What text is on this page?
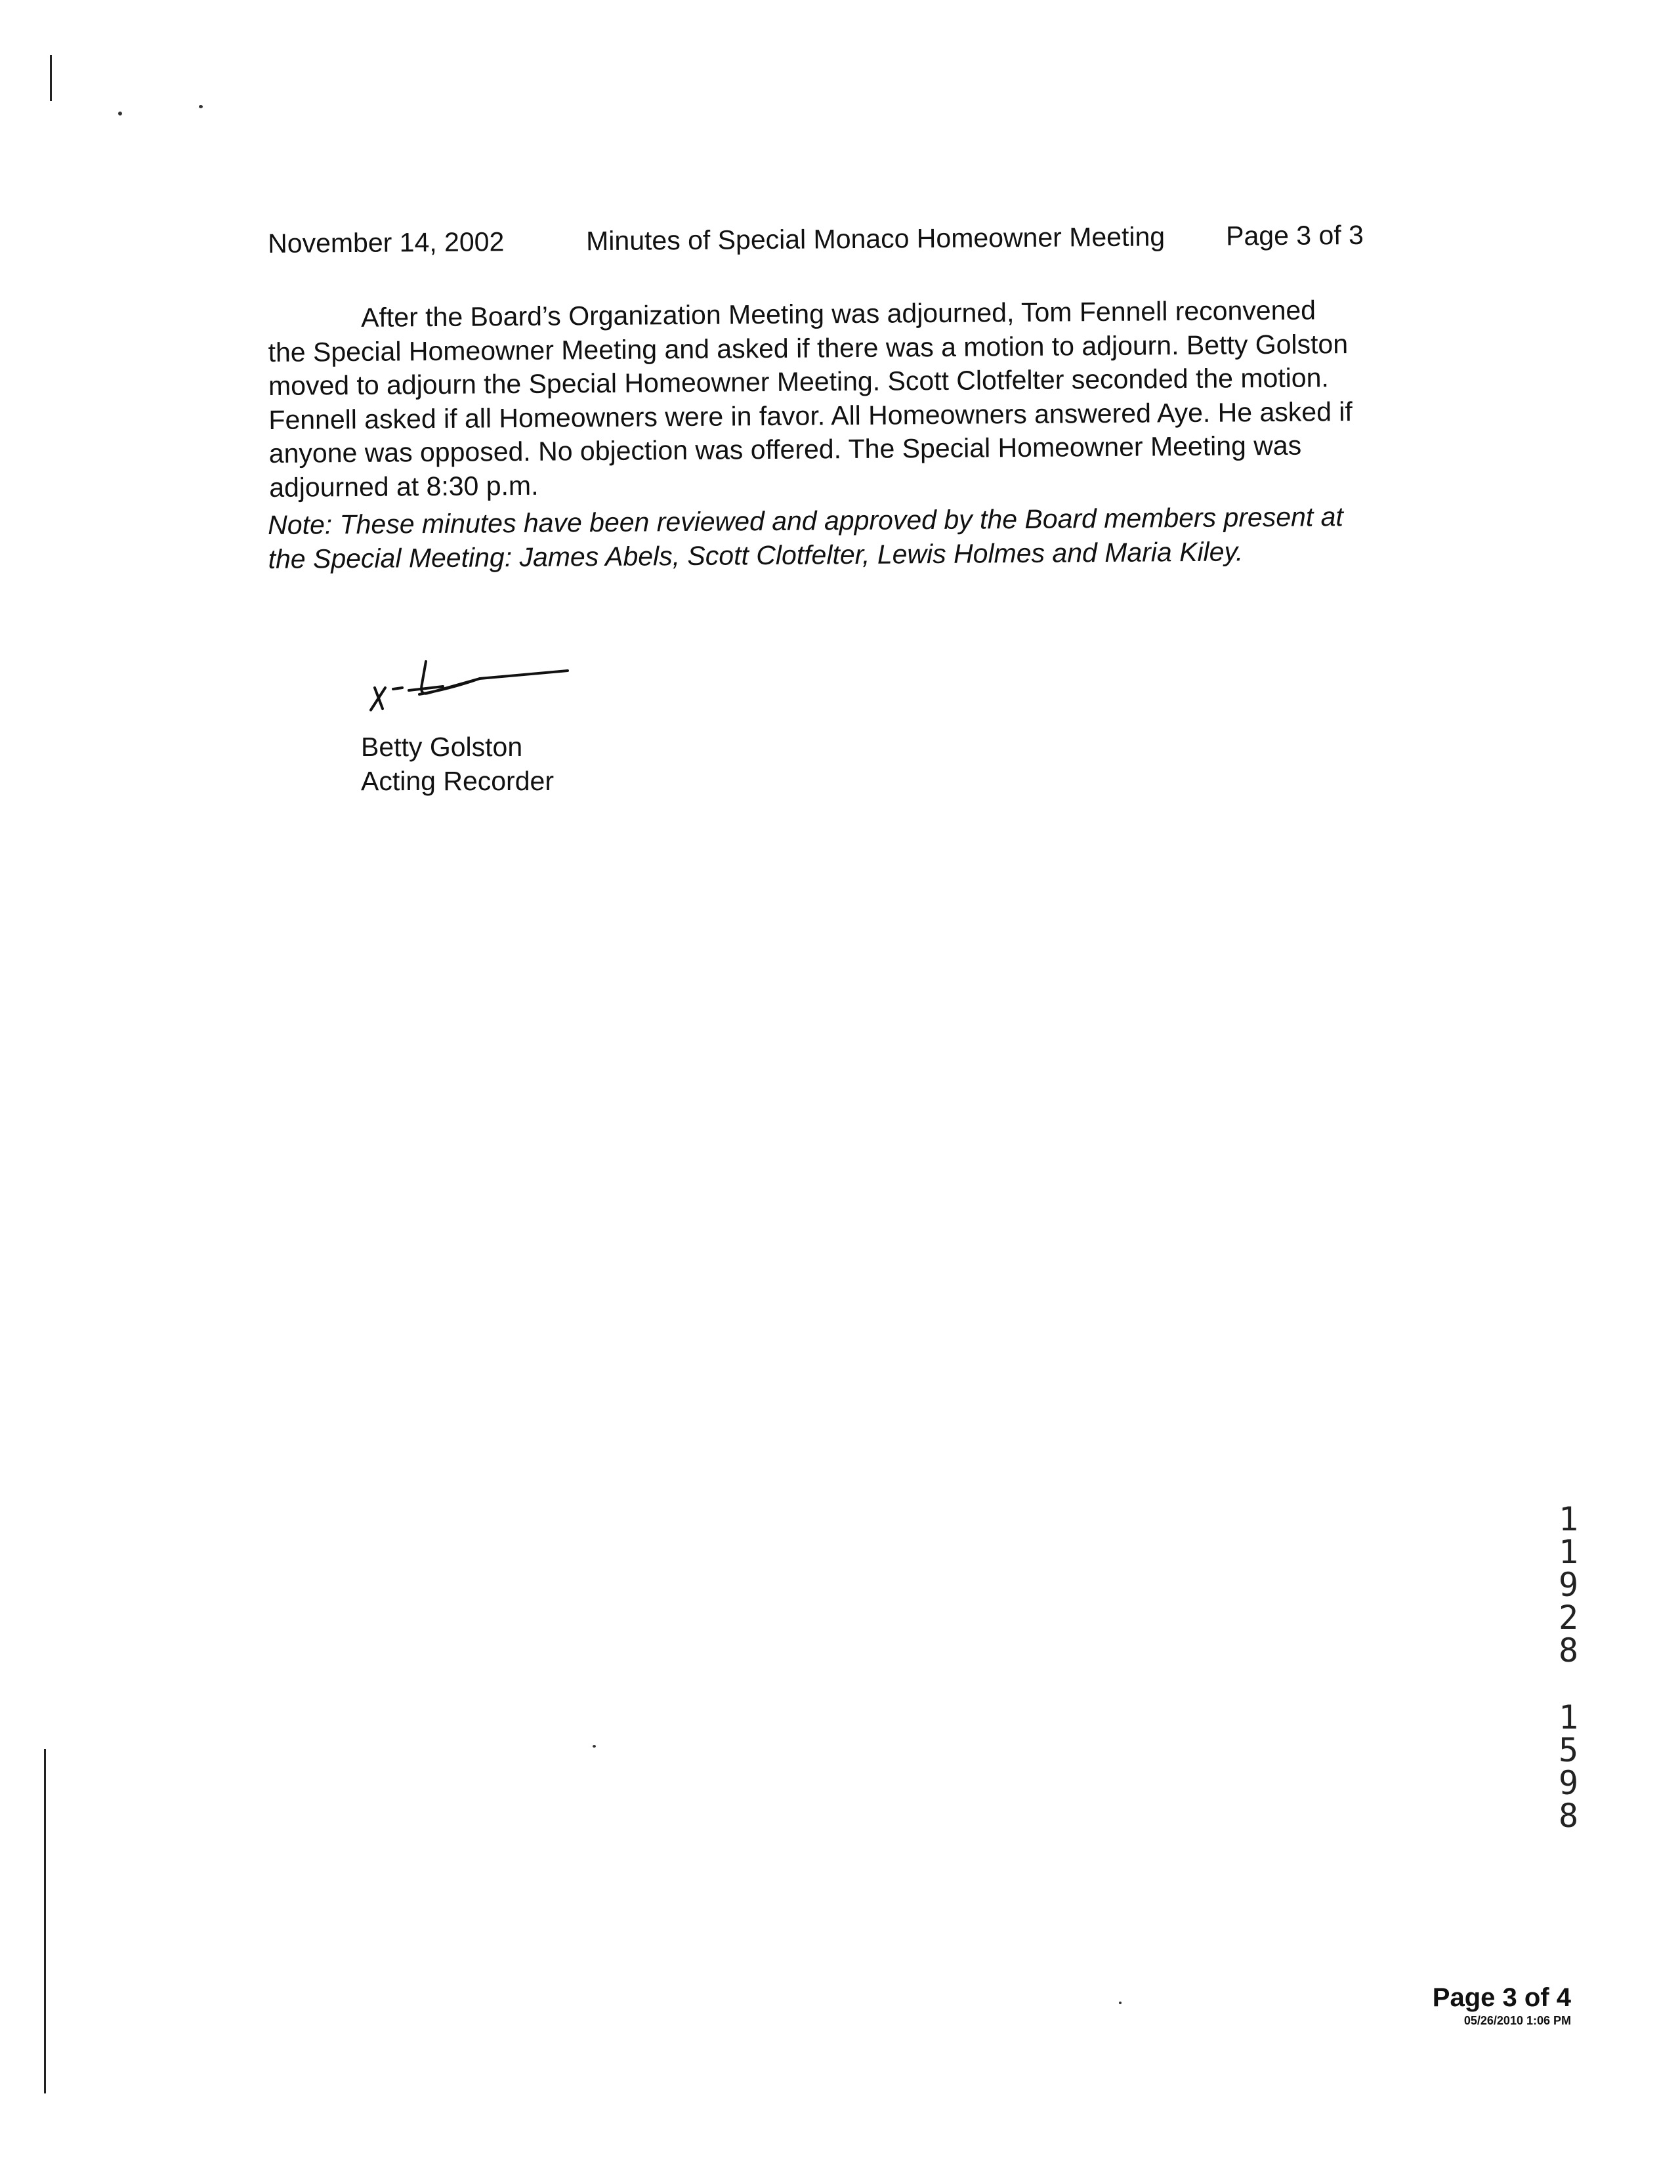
November 14, 2002	Minutes of Special Monaco Homeowner Meeting Page 3 of 3

After the Board’s Organization Meeting was adjourned, Tom Fennell reconvened the Special Homeowner Meeting and asked if there was a motion to adjourn. Betty Golston moved to adjourn the Special Homeowner Meeting. Scott Clotfelter seconded the motion. Fennell asked if all Homeowners were in favor. All Homeowners answered Aye. He asked if anyone was opposed. No objection was offered. The Special Homeowner Meeting was adjourned at 8:30 p.m.

Note: These minutes have been reviewed and approved by the Board members present at the Special Meeting: James Abels, Scott Clotfelter, Lewis Holmes and Maria Kiley.

Betty Golston
Acting Recorder
1
1
9
2
8
1
5
9
8
Page 3 of 4
05/26/2010 1:06 PM
